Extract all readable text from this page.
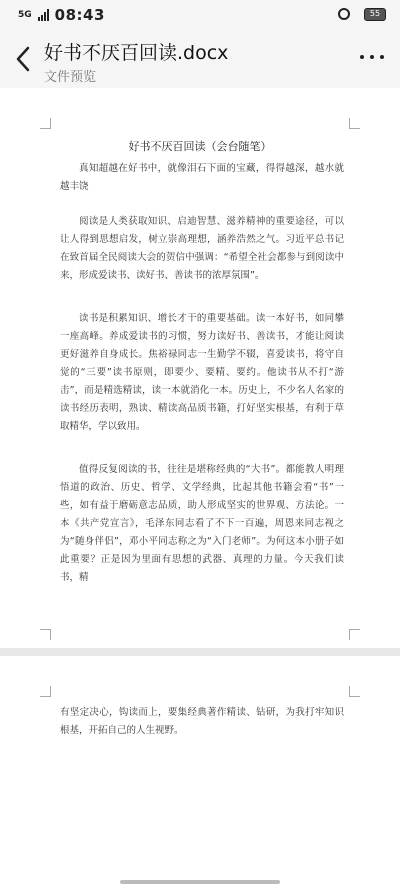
5G 08:43	55
好书不厌百回读.docx
文件预览
好书不厌百回读（会台随笔）

真知超越在好书中，就像泪石下面的宝藏，得得越深，越水就越丰饶

阅读是人类获取知识、启迪智慧、滋养精神的重要途径，可以让人得到思想启发，树立崇高理想，涵养浩然之气。习近平总书记在致首届全民阅读大会的贺信中强调：“希望全社会都参与到阅读中来，形成爱读书、读好书、善读书的浓厚氛围”。

读书是积累知识、增长才干的重要基础。读一本好书，如同攀一座高峰。养成爱读书的习惯，努力读好书、善读书，才能让阅读更好滋养自身成长。焦裕禄同志一生勤学不辍，喜爱读书，将守自觉的“三要”读书原则，即要少、要精、要约。他读书从不打“游击”，而是精选精读，读一本就消化一本。历史上，不少名人名家的读书经历表明，熟读、精读高品质书籍，打好坚实根基，有利于草取精华，学以致用。

值得反复阅读的书，往往是堪称经典的“大书”。都能教人明理悟道的政治、历史、哲学、文学经典，比起其他书籍会看“书”一些，如有益于磨砺意志品质，助人形成坚实的世界观、方法论。一本《共产党宣言》，毛泽东同志看了不下一百遍，周恩来同志视之为“随身伴侣”，邓小平同志称之为“入门老师”。为何这本小册子如此重要？正是因为里面有思想的武器、真理的力量。今天我们读书，精

有坚定决心，钩读而上，要集经典著作精读、钻研，为我打牢知识根基，开拓自己的人生视野。
